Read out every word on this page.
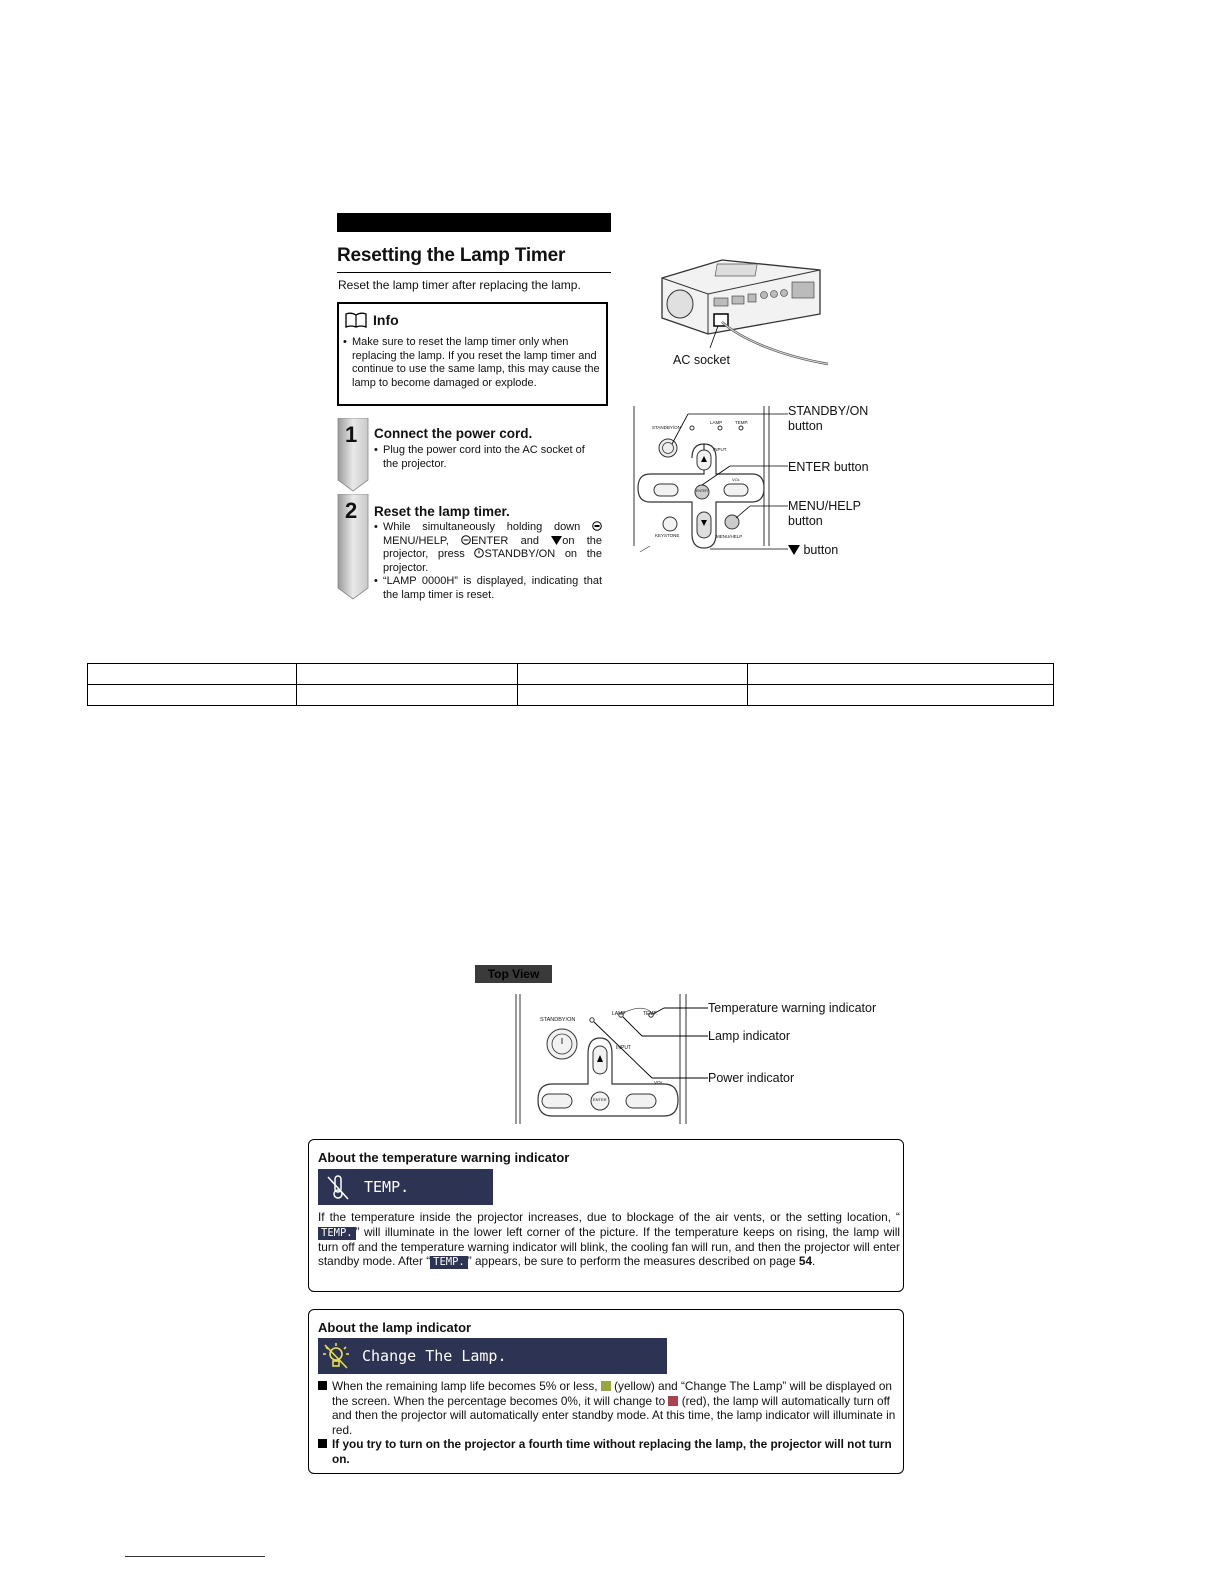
Resetting the Lamp Timer
Reset the lamp timer after replacing the lamp.
Info
• Make sure to reset the lamp timer only when replacing the lamp. If you reset the lamp timer and continue to use the same lamp, this may cause the lamp to become damaged or explode.
1 Connect the power cord.
• Plug the power cord into the AC socket of the projector.
2 Reset the lamp timer.
• While simultaneously holding down MENU/HELP, ENTER and on the projector, press STANDBY/ON on the projector.
• “LAMP 0000H” is displayed, indicating that the lamp timer is reset.
AC socket
STANDBY/ON
LAMP	TEMP.
INPUT
VOL
ENTER
KEYSTONE	MENU/HELP
STANDBY/ON
button
ENTER button
MENU/HELP
button
button

Top View
STANDBY/ON
LAMP	TEMP.
INPUT
VOL
ENTER
Temperature warning indicator
Lamp indicator
Power indicator
About the temperature warning indicator
TEMP.
If the temperature inside the projector increases, due to blockage of the air vents, or the setting location, “TEMP. ” will illuminate in the lower left corner of the picture. If the temperature keeps on rising, the lamp will turn off and the temperature warning indicator will blink, the cooling fan will run, and then the projector will enter standby mode. After “ TEMP. ” appears, be sure to perform the measures described on page 54.
About the lamp indicator
Change The Lamp.
When the remaining lamp life becomes 5% or less, (yellow) and “Change The Lamp” will be displayed on the screen. When the percentage becomes 0%, it will change to (red), the lamp will automatically turn off and then the projector will automatically enter standby mode. At this time, the lamp indicator will illuminate in red.
If you try to turn on the projector a fourth time without replacing the lamp, the projector will not turn on.
